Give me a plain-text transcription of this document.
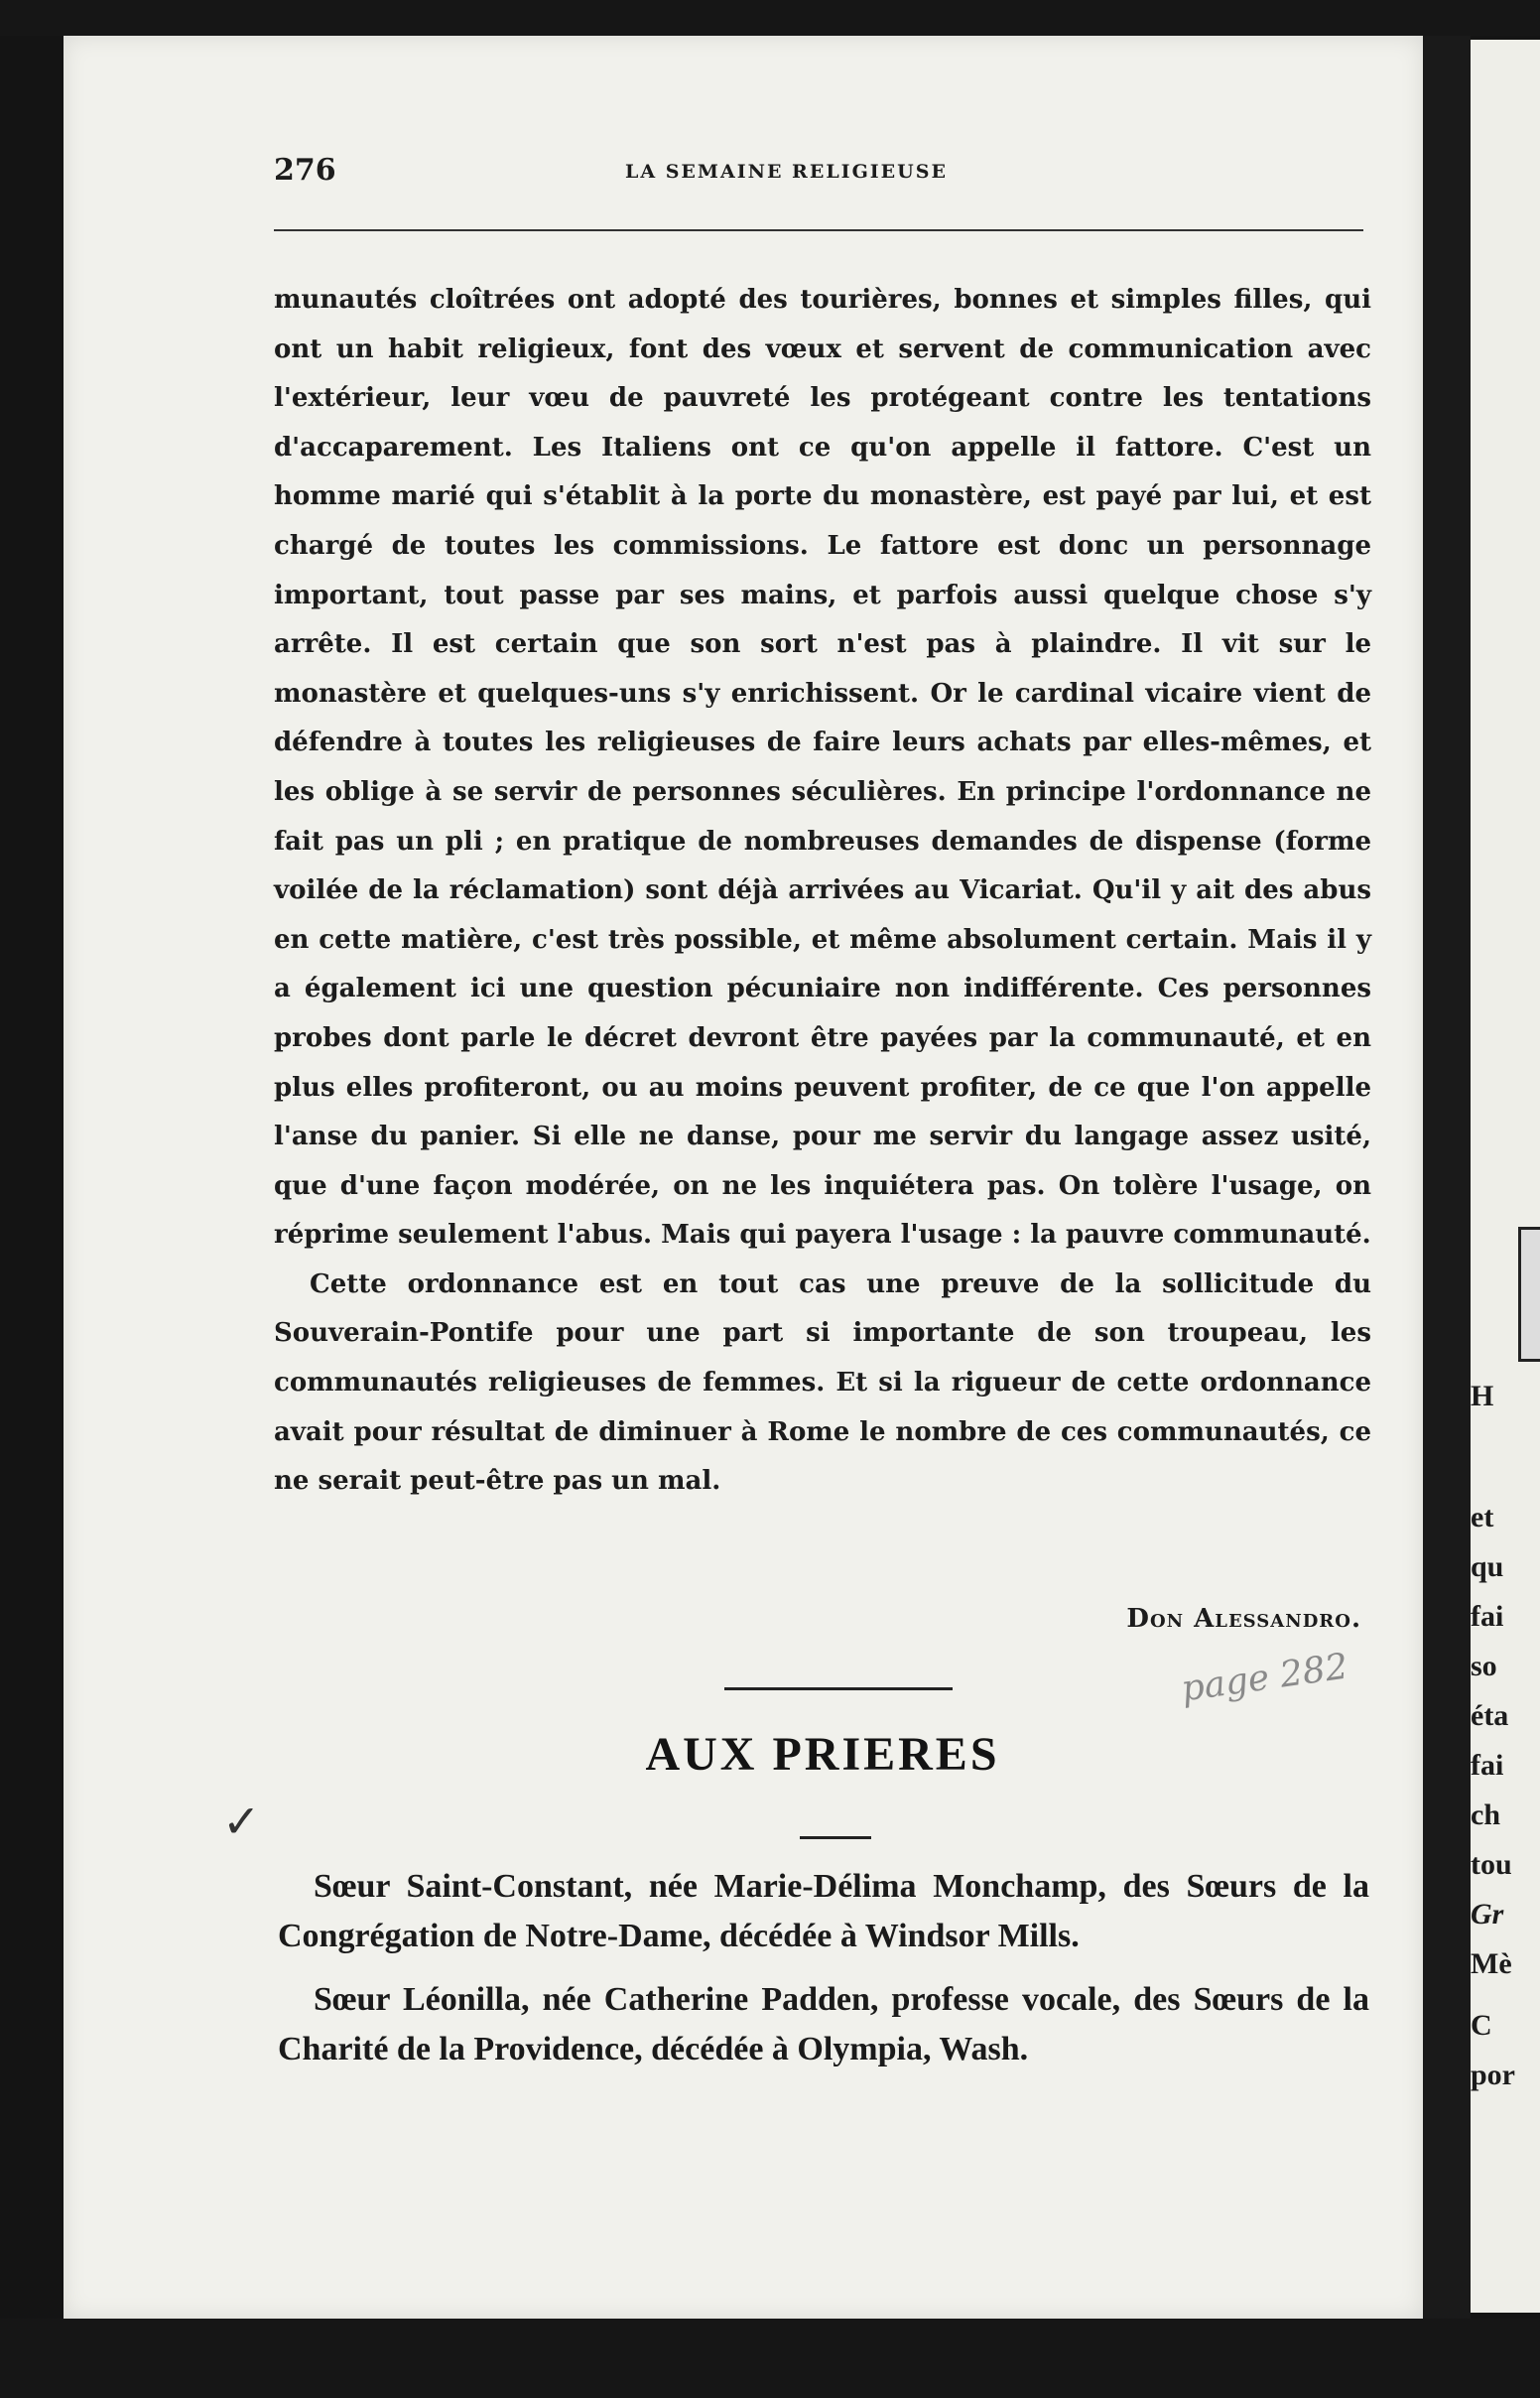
276	LA SEMAINE RELIGIEUSE

munautés cloîtrées ont adopté des tourières, bonnes et simples filles, qui ont un habit religieux, font des vœux et servent de communication avec l'extérieur, leur vœu de pauvreté les protégeant contre les tentations d'accaparement. Les Italiens ont ce qu'on appelle il fattore. C'est un homme marié qui s'établit à la porte du monastère, est payé par lui, et est chargé de toutes les commissions. Le fattore est donc un personnage important, tout passe par ses mains, et parfois aussi quelque chose s'y arrête. Il est certain que son sort n'est pas à plaindre. Il vit sur le monastère et quelques-uns s'y enrichissent. Or le cardinal vicaire vient de défendre à toutes les religieuses de faire leurs achats par elles-mêmes, et les oblige à se servir de personnes séculières. En principe l'ordonnance ne fait pas un pli ; en pratique de nombreuses demandes de dispense (forme voilée de la réclamation) sont déjà arrivées au Vicariat. Qu'il y ait des abus en cette matière, c'est très possible, et même absolument certain. Mais il y a également ici une question pécuniaire non indifférente. Ces personnes probes dont parle le décret devront être payées par la communauté, et en plus elles profiteront, ou au moins peuvent profiter, de ce que l'on appelle l'anse du panier. Si elle ne danse, pour me servir du langage assez usité, que d'une façon modérée, on ne les inquiétera pas. On tolère l'usage, on réprime seulement l'abus. Mais qui payera l'usage : la pauvre communauté.

Cette ordonnance est en tout cas une preuve de la sollicitude du Souverain-Pontife pour une part si importante de son troupeau, les communautés religieuses de femmes. Et si la rigueur de cette ordonnance avait pour résultat de diminuer à Rome le nombre de ces communautés, ce ne serait peut-être pas un mal.

Don Alessandro.
page 282
AUX PRIERES
✓

Sœur Saint-Constant, née Marie-Délima Monchamp, des Sœurs de la Congrégation de Notre-Dame, décédée à Windsor Mills.

Sœur Léonilla, née Catherine Padden, professe vocale, des Sœurs de la Charité de la Providence, décédée à Olympia, Wash.

H
et
qu
fai
so
éta
fai
ch
tou
Gr
Mè
C
por
